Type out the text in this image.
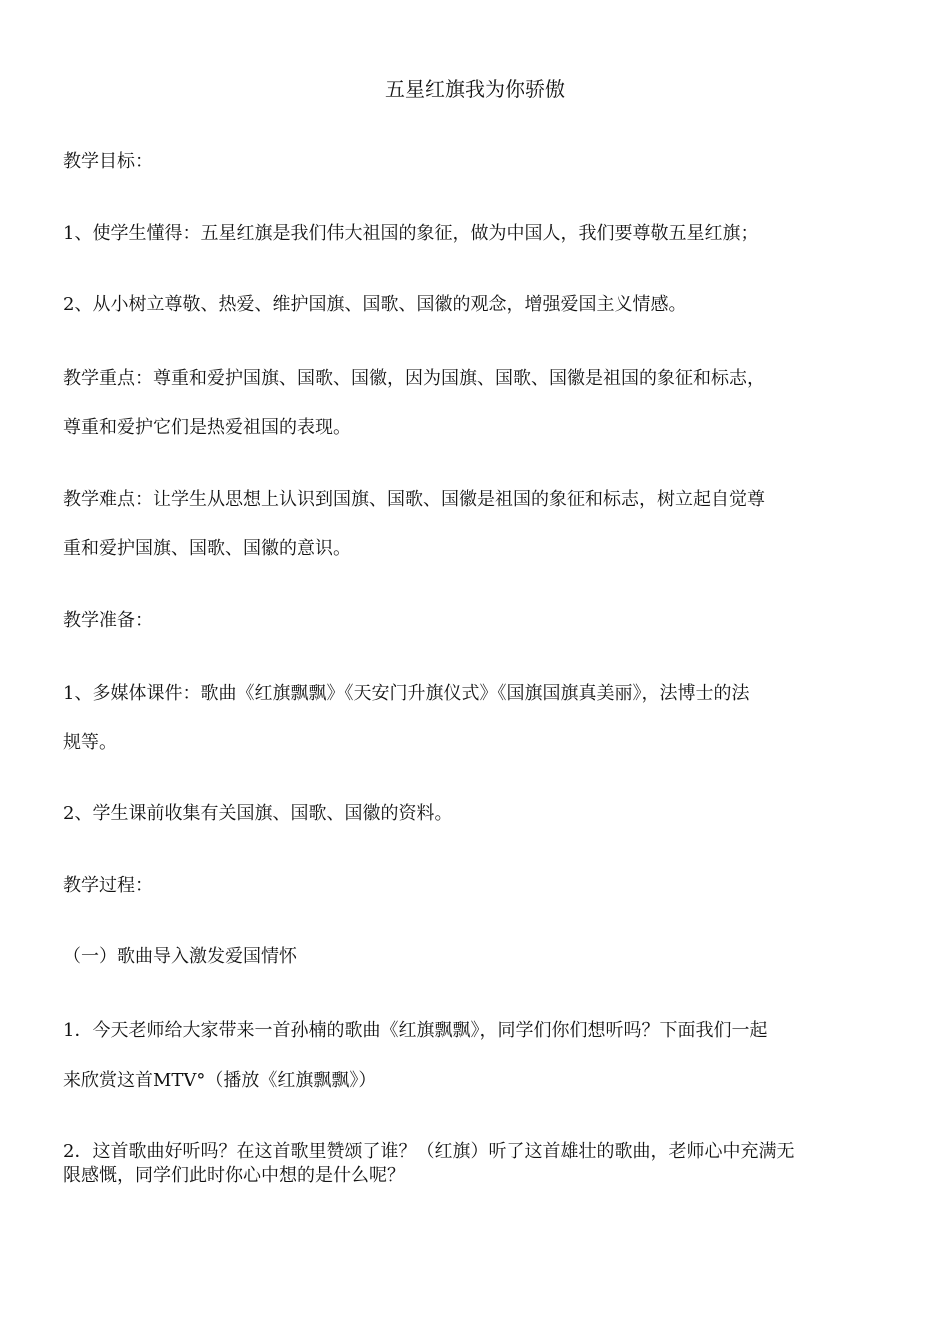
五星红旗我为你骄傲
教学目标：
1、使学生懂得：五星红旗是我们伟大祖国的象征，做为中国人，我们要尊敬五星红旗；
2、从小树立尊敬、热爱、维护国旗、国歌、国徽的观念，增强爱国主义情感。
教学重点：尊重和爱护国旗、国歌、国徽，因为国旗、国歌、国徽是祖国的象征和标志，
尊重和爱护它们是热爱祖国的表现。
教学难点：让学生从思想上认识到国旗、国歌、国徽是祖国的象征和标志，树立起自觉尊
重和爱护国旗、国歌、国徽的意识。
教学准备：
1、多媒体课件：歌曲《红旗飘飘》《天安门升旗仪式》《国旗国旗真美丽》，法博士的法
规等。
2、学生课前收集有关国旗、国歌、国徽的资料。
教学过程：
（一）歌曲导入激发爱国情怀
1．今天老师给大家带来一首孙楠的歌曲《红旗飘飘》，同学们你们想听吗？下面我们一起
来欣赏这首MTV°（播放《红旗飘飘》）
2．这首歌曲好听吗？在这首歌里赞颂了谁？（红旗）听了这首雄壮的歌曲，老师心中充满无
限感慨，同学们此时你心中想的是什么呢？
